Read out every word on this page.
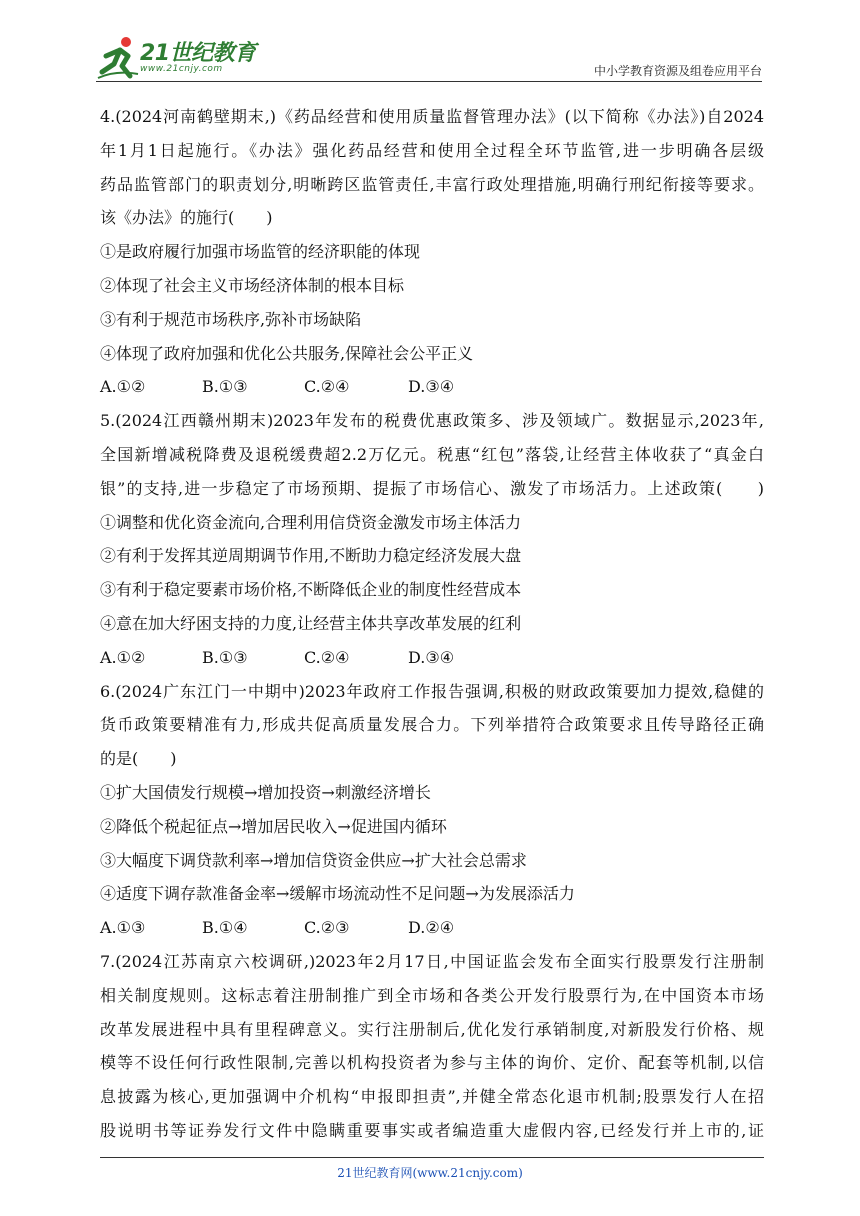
21世纪教育
www.21cnjy.com	中小学教育资源及组卷应用平台
4.(2024河南鹤壁期末,)《药品经营和使用质量监督管理办法》(以下简称《办法》)自2024
年1月1日起施行。《办法》强化药品经营和使用全过程全环节监管,进一步明确各层级
药品监管部门的职责划分,明晰跨区监管责任,丰富行政处理措施,明确行刑纪衔接等要求。
该《办法》的施行(　　)
①是政府履行加强市场监管的经济职能的体现
②体现了社会主义市场经济体制的根本目标
③有利于规范市场秩序,弥补市场缺陷
④体现了政府加强和优化公共服务,保障社会公平正义
A.①②	B.①③	C.②④	D.③④
5.(2024江西赣州期末)2023年发布的税费优惠政策多、涉及领域广。数据显示,2023年,
全国新增减税降费及退税缓费超2.2万亿元。税惠“红包”落袋,让经营主体收获了“真金白
银”的支持,进一步稳定了市场预期、提振了市场信心、激发了市场活力。上述政策(　　)
①调整和优化资金流向,合理利用信贷资金激发市场主体活力
②有利于发挥其逆周期调节作用,不断助力稳定经济发展大盘
③有利于稳定要素市场价格,不断降低企业的制度性经营成本
④意在加大纾困支持的力度,让经营主体共享改革发展的红利
A.①②	B.①③	C.②④	D.③④
6.(2024广东江门一中期中)2023年政府工作报告强调,积极的财政政策要加力提效,稳健的
货币政策要精准有力,形成共促高质量发展合力。下列举措符合政策要求且传导路径正确
的是(　　)
①扩大国债发行规模→增加投资→刺激经济增长
②降低个税起征点→增加居民收入→促进国内循环
③大幅度下调贷款利率→增加信贷资金供应→扩大社会总需求
④适度下调存款准备金率→缓解市场流动性不足问题→为发展添活力
A.①③	B.①④	C.②③	D.②④
7.(2024江苏南京六校调研,)2023年2月17日,中国证监会发布全面实行股票发行注册制
相关制度规则。这标志着注册制推广到全市场和各类公开发行股票行为,在中国资本市场
改革发展进程中具有里程碑意义。实行注册制后,优化发行承销制度,对新股发行价格、规
模等不设任何行政性限制,完善以机构投资者为参与主体的询价、定价、配套等机制,以信
息披露为核心,更加强调中介机构“申报即担责”,并健全常态化退市机制;股票发行人在招
股说明书等证券发行文件中隐瞒重要事实或者编造重大虚假内容,已经发行并上市的,证
21世纪教育网(www.21cnjy.com)
